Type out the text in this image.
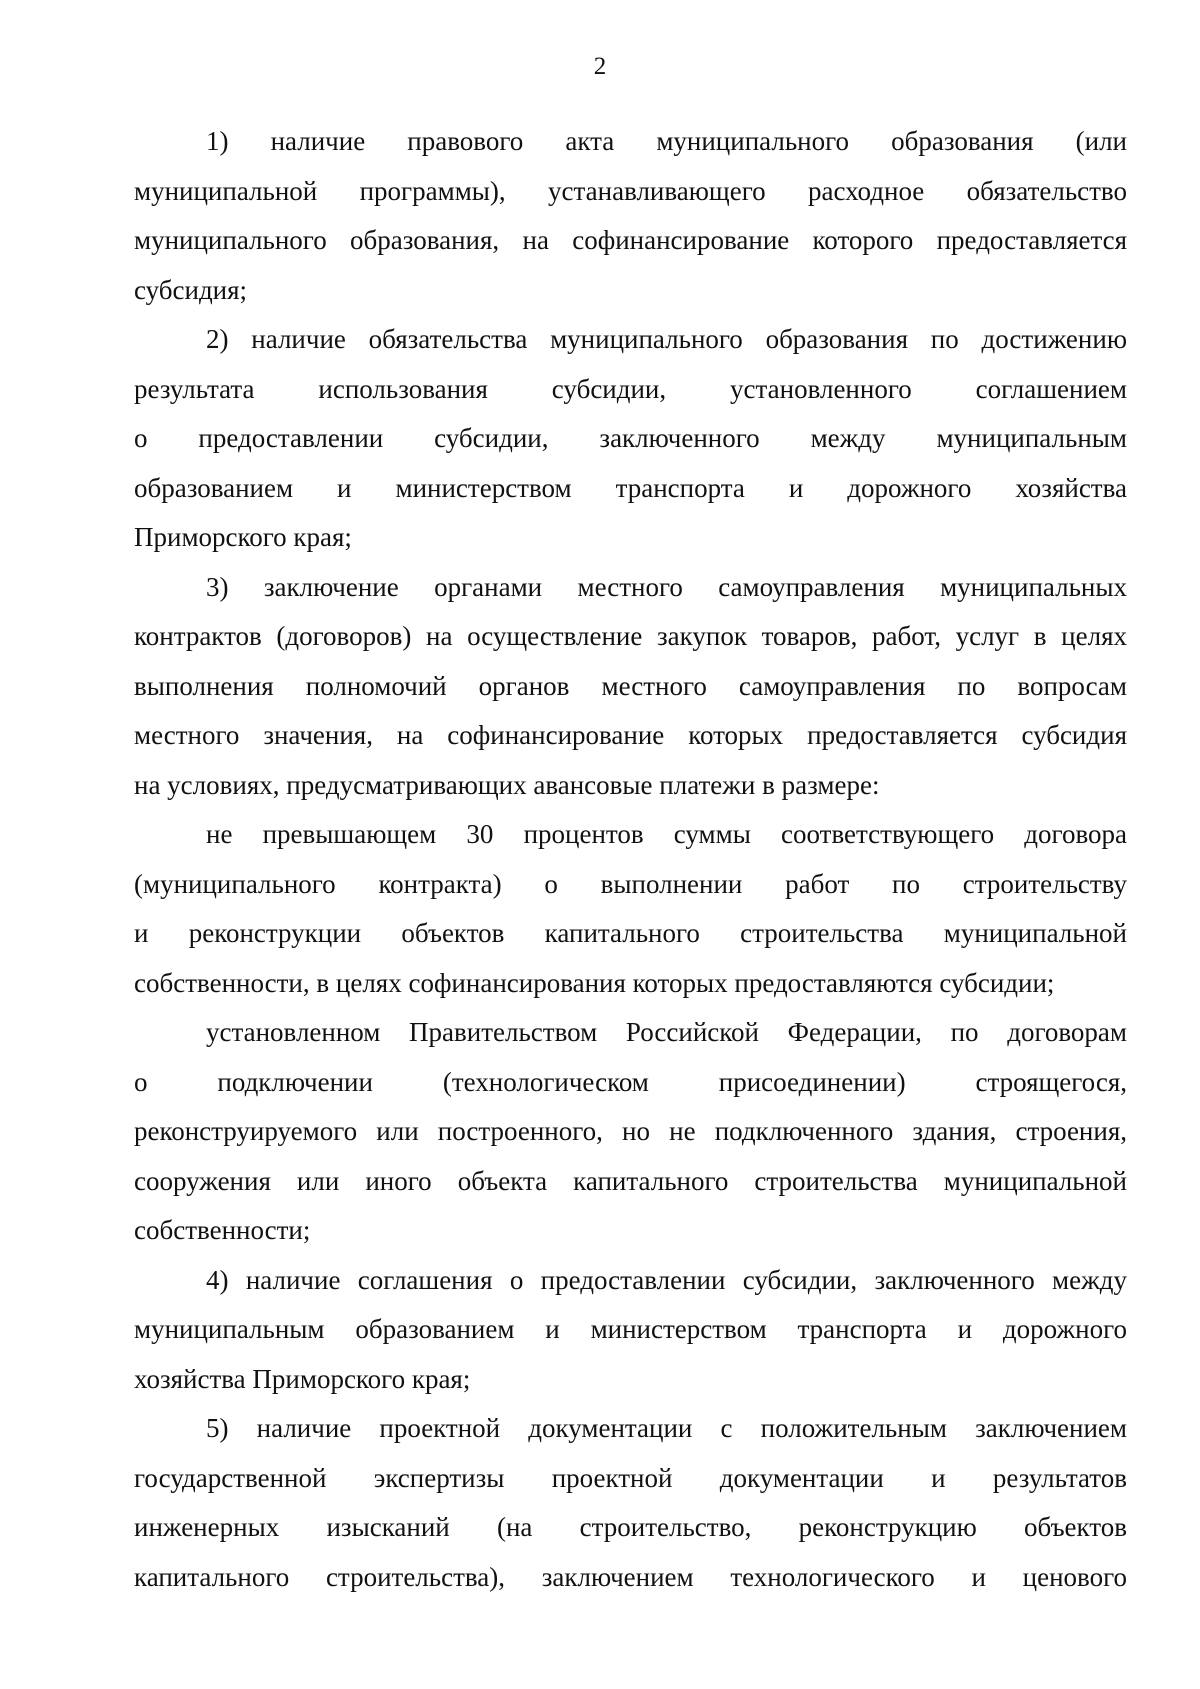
2
1) наличие правового акта муниципального образования (или
муниципальной программы), устанавливающего расходное обязательство
муниципального образования, на софинансирование которого предоставляется
субсидия;
2) наличие обязательства муниципального образования по достижению
результата использования субсидии, установленного соглашением
о предоставлении субсидии, заключенного между муниципальным
образованием и министерством транспорта и дорожного хозяйства
Приморского края;
3) заключение органами местного самоуправления муниципальных
контрактов (договоров) на осуществление закупок товаров, работ, услуг в целях
выполнения полномочий органов местного самоуправления по вопросам
местного значения, на софинансирование которых предоставляется субсидия
на условиях, предусматривающих авансовые платежи в размере:
не превышающем 30 процентов суммы соответствующего договора
(муниципального контракта) о выполнении работ по строительству
и реконструкции объектов капитального строительства муниципальной
собственности, в целях софинансирования которых предоставляются субсидии;
установленном Правительством Российской Федерации, по договорам
о подключении (технологическом присоединении) строящегося,
реконструируемого или построенного, но не подключенного здания, строения,
сооружения или иного объекта капитального строительства муниципальной
собственности;
4) наличие соглашения о предоставлении субсидии, заключенного между
муниципальным образованием и министерством транспорта и дорожного
хозяйства Приморского края;
5) наличие проектной документации с положительным заключением
государственной экспертизы проектной документации и результатов
инженерных изысканий (на строительство, реконструкцию объектов
капитального строительства), заключением технологического и ценового
